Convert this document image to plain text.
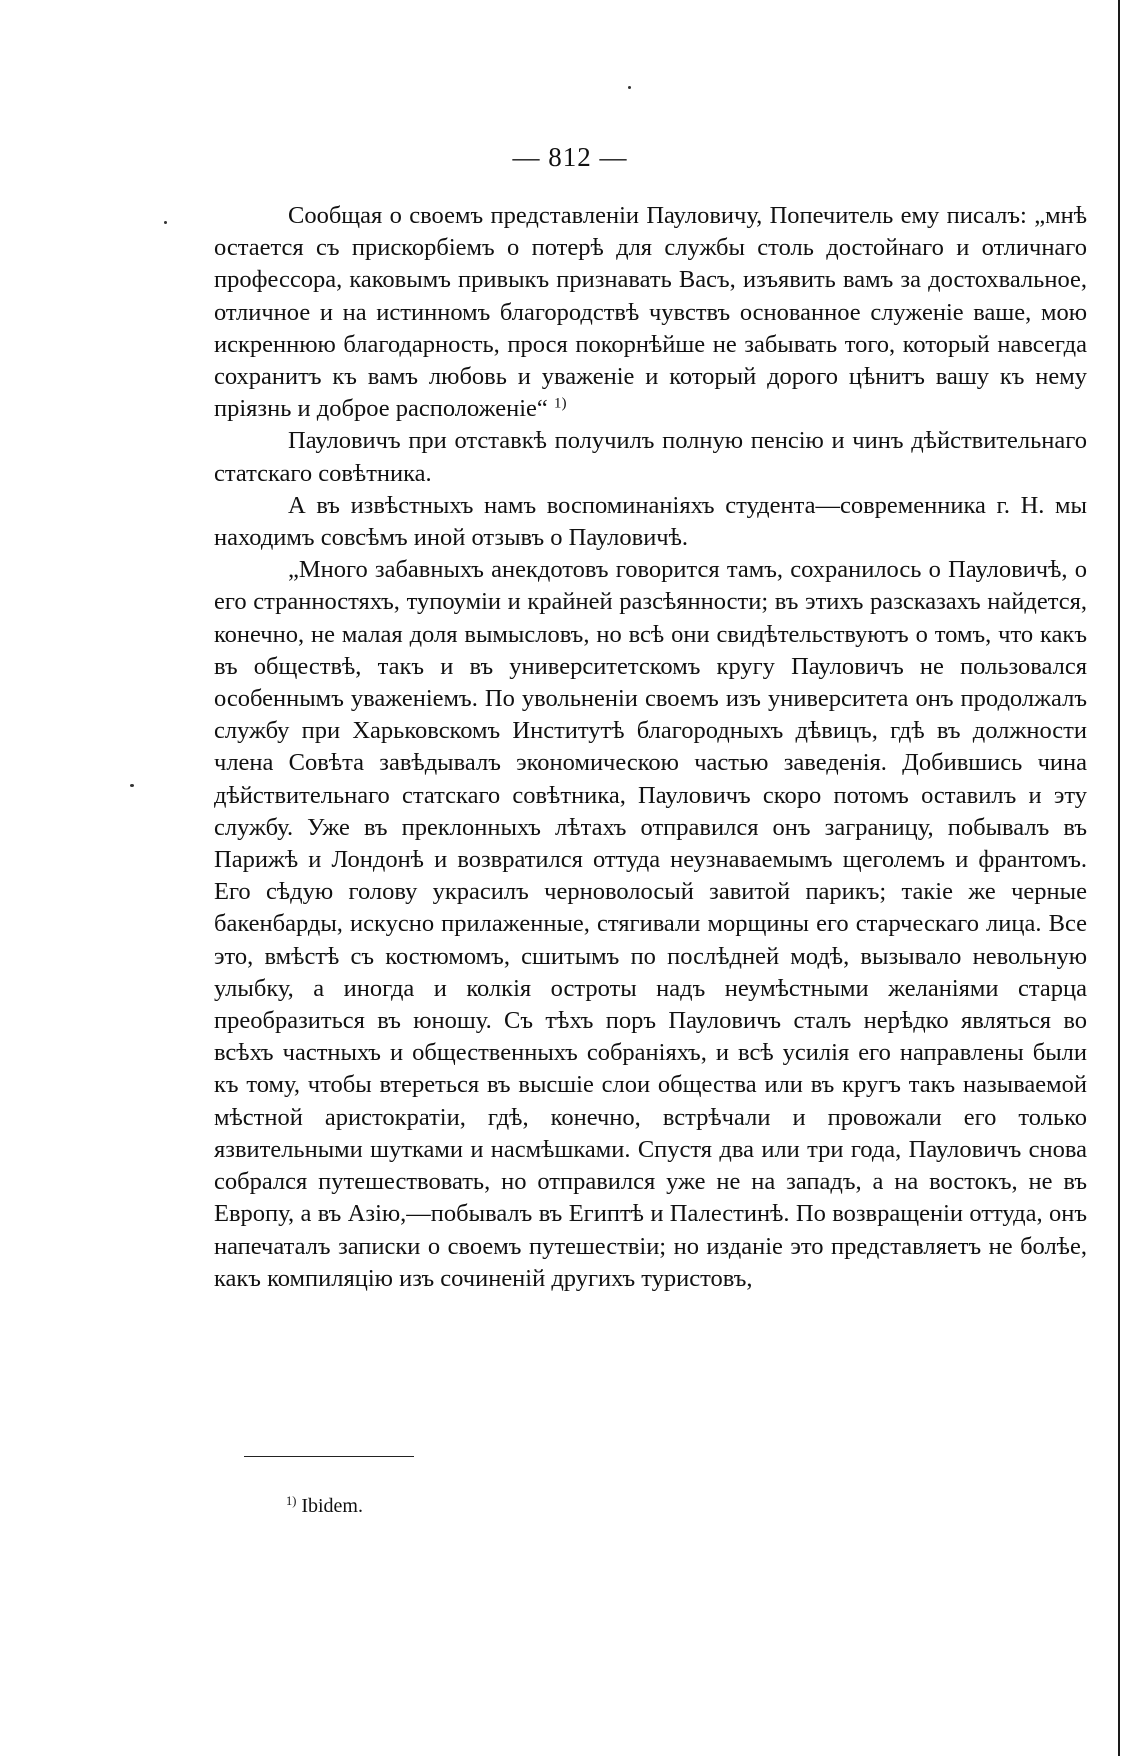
— 812 —

Сообщая о своемъ представленіи Пауловичу, Попечитель ему писалъ: „мнѣ остается съ прискорбіемъ о потерѣ для службы столь достойнаго и отличнаго профессора, каковымъ привыкъ признавать Васъ, изъявить вамъ за достохвальное, отличное и на истинномъ благородствѣ чувствъ основанное служеніе ваше, мою искреннюю благодарность, прося покорнѣйше не забывать того, который навсегда сохранитъ къ вамъ любовь и уваженіе и который дорого цѣнитъ вашу къ нему пріязнь и доброе расположеніе“ $^{1)}$

Пауловичъ при отставкѣ получилъ полную пенсію и чинъ дѣйствительнаго статскаго совѣтника.

А въ извѣстныхъ намъ воспоминаніяхъ студента—современника г. Н. мы находимъ совсѣмъ иной отзывъ о Пауловичѣ.

„Много забавныхъ анекдотовъ говорится тамъ, сохранилось о Пауловичѣ, о его странностяхъ, тупоуміи и крайней разсѣянности; въ этихъ разсказахъ найдется, конечно, не малая доля вымысловъ, но всѣ они свидѣтельствуютъ о томъ, что какъ въ обществѣ, такъ и въ университетскомъ кругу Пауловичъ не пользовался особеннымъ уваженіемъ. По увольненіи своемъ изъ университета онъ продолжалъ службу при Харьковскомъ Институтѣ благородныхъ дѣвицъ, гдѣ въ должности члена Совѣта завѣдывалъ экономическою частью заведенія. Добившись чина дѣйствительнаго статскаго совѣтника, Пауловичъ скоро потомъ оставилъ и эту службу. Уже въ преклонныхъ лѣтахъ отправился онъ заграницу, побывалъ въ Парижѣ и Лондонѣ и возвратился оттуда неузнаваемымъ щеголемъ и франтомъ. Его сѣдую голову украсилъ черноволосый завитой парикъ; такіе же черные бакенбарды, искусно прилаженные, стягивали морщины его старческаго лица. Все это, вмѣстѣ съ костюмомъ, сшитымъ по послѣдней модѣ, вызывало невольную улыбку, а иногда и колкія остроты надъ неумѣстными желаніями старца преобразиться въ юношу. Съ тѣхъ поръ Пауловичъ сталъ нерѣдко являться во всѣхъ частныхъ и общественныхъ собраніяхъ, и всѣ усилія его направлены были къ тому, чтобы втереться въ высшіе слои общества или въ кругъ такъ называемой мѣстной аристократіи, гдѣ, конечно, встрѣчали и провожали его только язвительными шутками и насмѣшками. Спустя два или три года, Пауловичъ снова собрался путешествовать, но отправился уже не на западъ, а на востокъ, не въ Европу, а въ Азію,—побывалъ въ Египтѣ и Палестинѣ. По возвращеніи оттуда, онъ напечаталъ записки о своемъ путешествіи; но изданіе это представляетъ не болѣе, какъ компиляцію изъ сочиненій другихъ туристовъ,

$^{1)}$ Ibidem.
